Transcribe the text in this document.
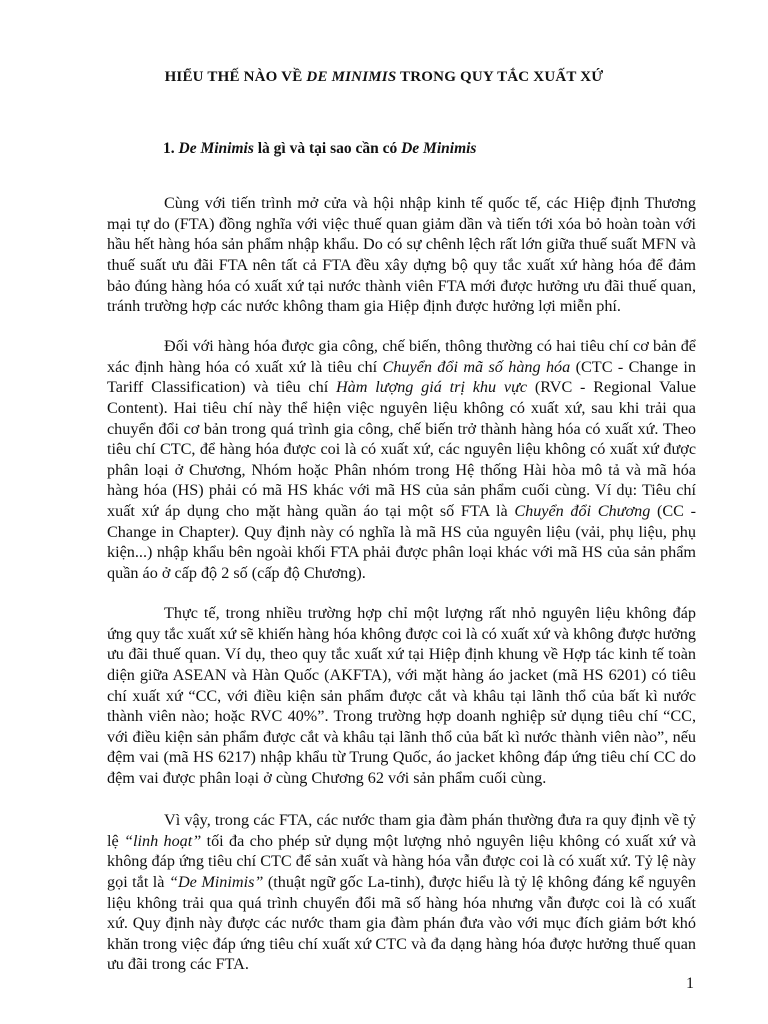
HIỂU THẾ NÀO VỀ DE MINIMIS TRONG QUY TẮC XUẤT XỨ
1. De Minimis là gì và tại sao cần có De Minimis

Cùng với tiến trình mở cửa và hội nhập kinh tế quốc tế, các Hiệp định Thương mại tự do (FTA) đồng nghĩa với việc thuế quan giảm dần và tiến tới xóa bỏ hoàn toàn với hầu hết hàng hóa sản phẩm nhập khẩu. Do có sự chênh lệch rất lớn giữa thuế suất MFN và thuế suất ưu đãi FTA nên tất cả FTA đều xây dựng bộ quy tắc xuất xứ hàng hóa để đảm bảo đúng hàng hóa có xuất xứ tại nước thành viên FTA mới được hưởng ưu đãi thuế quan, tránh trường hợp các nước không tham gia Hiệp định được hưởng lợi miễn phí.

Đối với hàng hóa được gia công, chế biến, thông thường có hai tiêu chí cơ bản để xác định hàng hóa có xuất xứ là tiêu chí Chuyển đổi mã số hàng hóa (CTC - Change in Tariff Classification) và tiêu chí Hàm lượng giá trị khu vực (RVC - Regional Value Content). Hai tiêu chí này thể hiện việc nguyên liệu không có xuất xứ, sau khi trải qua chuyển đổi cơ bản trong quá trình gia công, chế biến trở thành hàng hóa có xuất xứ. Theo tiêu chí CTC, để hàng hóa được coi là có xuất xứ, các nguyên liệu không có xuất xứ được phân loại ở Chương, Nhóm hoặc Phân nhóm trong Hệ thống Hài hòa mô tả và mã hóa hàng hóa (HS) phải có mã HS khác với mã HS của sản phẩm cuối cùng. Ví dụ: Tiêu chí xuất xứ áp dụng cho mặt hàng quần áo tại một số FTA là Chuyển đổi Chương (CC - Change in Chapter). Quy định này có nghĩa là mã HS của nguyên liệu (vải, phụ liệu, phụ kiện...) nhập khẩu bên ngoài khối FTA phải được phân loại khác với mã HS của sản phẩm quần áo ở cấp độ 2 số (cấp độ Chương).

Thực tế, trong nhiều trường hợp chỉ một lượng rất nhỏ nguyên liệu không đáp ứng quy tắc xuất xứ sẽ khiến hàng hóa không được coi là có xuất xứ và không được hưởng ưu đãi thuế quan. Ví dụ, theo quy tắc xuất xứ tại Hiệp định khung về Hợp tác kinh tế toàn diện giữa ASEAN và Hàn Quốc (AKFTA), với mặt hàng áo jacket (mã HS 6201) có tiêu chí xuất xứ “CC, với điều kiện sản phẩm được cắt và khâu tại lãnh thổ của bất kì nước thành viên nào; hoặc RVC 40%”. Trong trường hợp doanh nghiệp sử dụng tiêu chí “CC, với điều kiện sản phẩm được cắt và khâu tại lãnh thổ của bất kì nước thành viên nào”, nếu đệm vai (mã HS 6217) nhập khẩu từ Trung Quốc, áo jacket không đáp ứng tiêu chí CC do đệm vai được phân loại ở cùng Chương 62 với sản phẩm cuối cùng.

Vì vậy, trong các FTA, các nước tham gia đàm phán thường đưa ra quy định về tỷ lệ “linh hoạt” tối đa cho phép sử dụng một lượng nhỏ nguyên liệu không có xuất xứ và không đáp ứng tiêu chí CTC để sản xuất và hàng hóa vẫn được coi là có xuất xứ. Tỷ lệ này gọi tắt là “De Minimis” (thuật ngữ gốc La-tinh), được hiểu là tỷ lệ không đáng kể nguyên liệu không trải qua quá trình chuyển đổi mã số hàng hóa nhưng vẫn được coi là có xuất xứ. Quy định này được các nước tham gia đàm phán đưa vào với mục đích giảm bớt khó khăn trong việc đáp ứng tiêu chí xuất xứ CTC và đa dạng hàng hóa được hưởng thuế quan ưu đãi trong các FTA.

1
